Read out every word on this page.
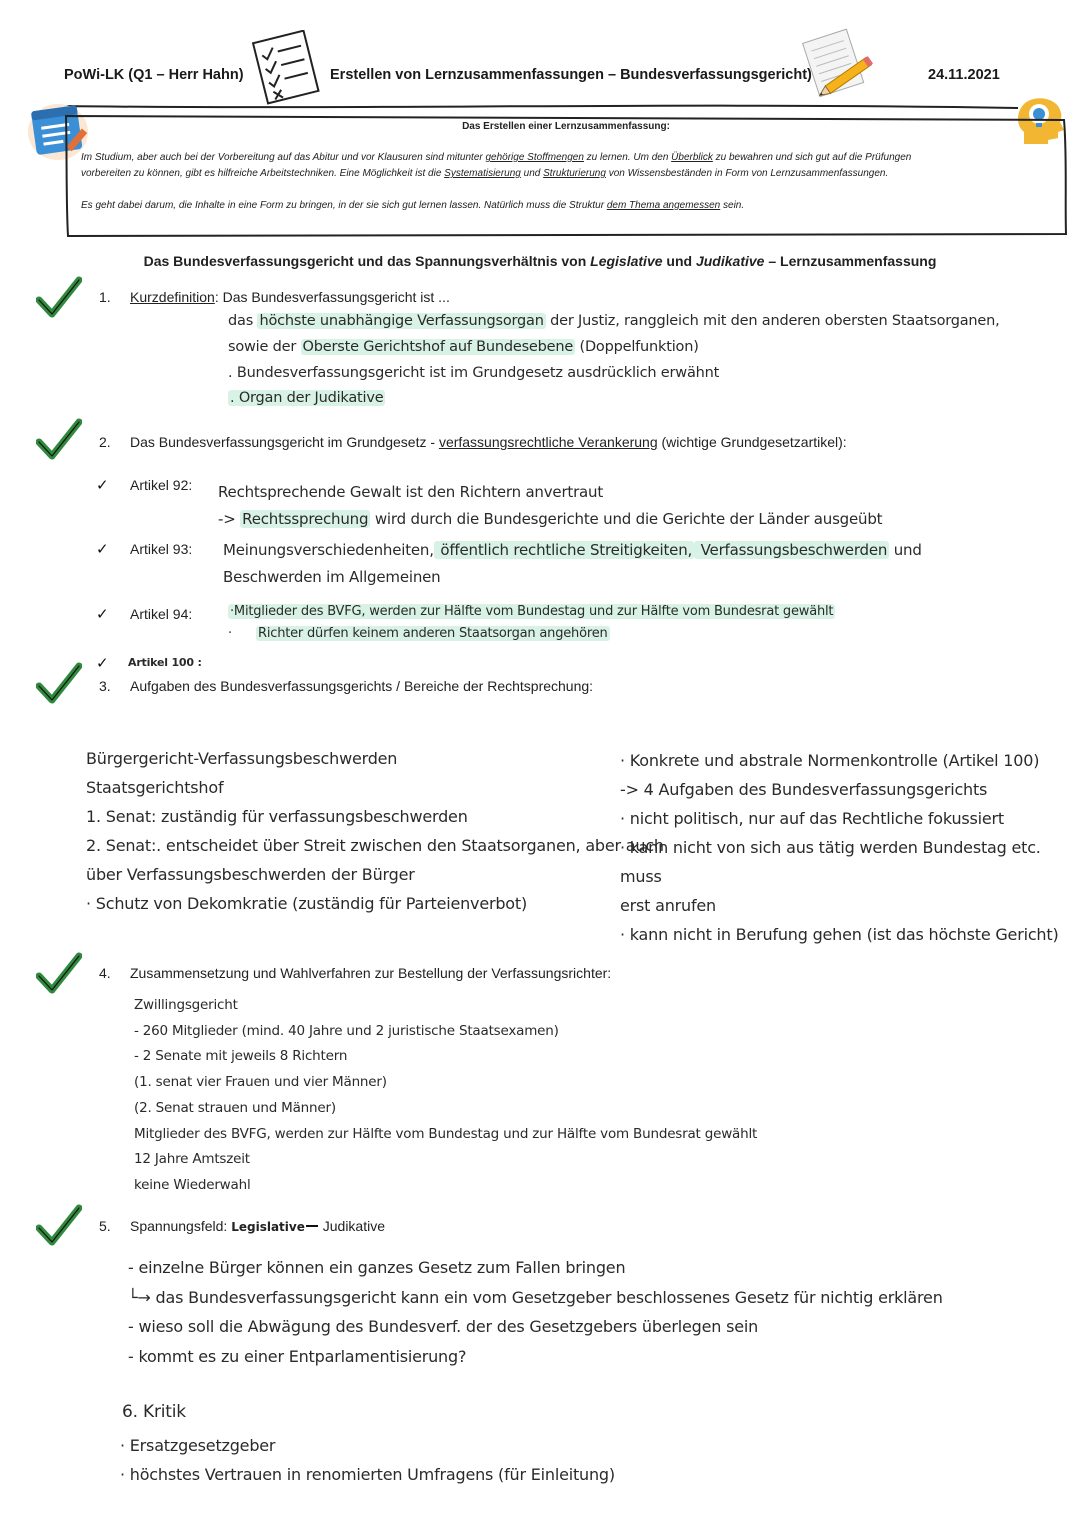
PoWi-LK (Q1 – Herr Hahn)	Erstellen von Lernzusammenfassungen – Bundesverfassungsgericht)	24.11.2021
Das Erstellen einer Lernzusammenfassung:
Im Studium, aber auch bei der Vorbereitung auf das Abitur und vor Klausuren sind mitunter gehörige Stoffmengen zu lernen. Um den Überblick zu bewahren und sich gut auf die Prüfungen
vorbereiten zu können, gibt es hilfreiche Arbeitstechniken. Eine Möglichkeit ist die Systematisierung und Strukturierung von Wissensbeständen in Form von Lernzusammenfassungen.
Es geht dabei darum, die Inhalte in eine Form zu bringen, in der sie sich gut lernen lassen. Natürlich muss die Struktur dem Thema angemessen sein.
Das Bundesverfassungsgericht und das Spannungsverhältnis von Legislative und Judikative – Lernzusammenfassung
1. Kurzdefinition: Das Bundesverfassungsgericht ist ...
das höchste unabhängige Verfassungsorgan der Justiz, ranggleich mit den anderen obersten Staatsorganen,
sowie der Oberste Gerichtshof auf Bundesebene (Doppelfunktion)
. Bundesverfassungsgericht ist im Grundgesetz ausdrücklich erwähnt
. Organ der Judikative
2. Das Bundesverfassungsgericht im Grundgesetz - verfassungsrechtliche Verankerung (wichtige Grundgesetzartikel):
✓ Artikel 92: Rechtsprechende Gewalt ist den Richtern anvertraut
-> Rechtssprechung wird durch die Bundesgerichte und die Gerichte der Länder ausgeübt
✓ Artikel 93: Meinungsverschiedenheiten, öffentlich rechtliche Streitigkeiten, Verfassungsbeschwerden und
Beschwerden im Allgemeinen
✓ Artikel 94:	·Mitglieder des BVFG, werden zur Hälfte vom Bundestag und zur Hälfte vom Bundesrat gewählt
· Richter dürfen keinem anderen Staatsorgan angehören
✓ Artikel 100 :
3. Aufgaben des Bundesverfassungsgerichts / Bereiche der Rechtsprechung:
Bürgergericht-Verfassungsbeschwerden
Staatsgerichtshof
1. Senat: zuständig für verfassungsbeschwerden
2. Senat:. entscheidet über Streit zwischen den Staatsorganen, aber auch
über Verfassungsbeschwerden der Bürger
· Schutz von Dekomkratie (zuständig für Parteienverbot)
· Konkrete und abstrale Normenkontrolle (Artikel 100)
-> 4 Aufgaben des Bundesverfassungsgerichts
· nicht politisch, nur auf das Rechtliche fokussiert
· kann nicht von sich aus tätig werden Bundestag etc. muss
erst anrufen
· kann nicht in Berufung gehen (ist das höchste Gericht)
4. Zusammensetzung und Wahlverfahren zur Bestellung der Verfassungsrichter:
Zwillingsgericht
- 260 Mitglieder (mind. 40 Jahre und 2 juristische Staatsexamen)
- 2 Senate mit jeweils 8 Richtern
(1. senat vier Frauen und vier Männer)
(2. Senat strauen und Männer)
Mitglieder des BVFG, werden zur Hälfte vom Bundestag und zur Hälfte vom Bundesrat gewählt
12 Jahre Amtszeit
keine Wiederwahl
5. Spannungsfeld: Legislative Judikative
- einzelne Bürger können ein ganzes Gesetz zum Fallen bringen
└→ das Bundesverfassungsgericht kann ein vom Gesetzgeber beschlossenes Gesetz für nichtig erklären
- wieso soll die Abwägung des Bundesverf. der des Gesetzgebers überlegen sein
- kommt es zu einer Entparlamentisierung?
6. Kritik
· Ersatzgesetzgeber
· höchstes Vertrauen in renomierten Umfragens (für Einleitung)
